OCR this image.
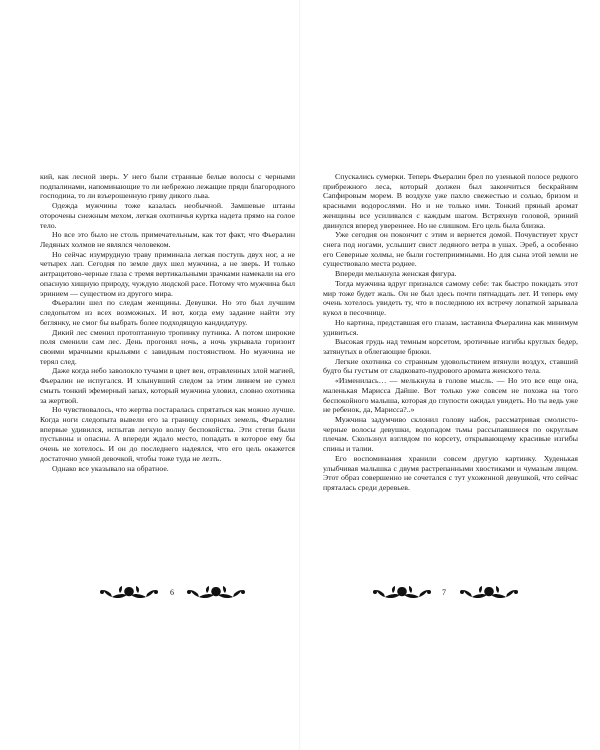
кий, как лесной зверь. У него были странные белые волосы с черными подпалинами, напоминающие то ли небрежно лежащие пряди благородного господина, то ли взъерошенную гриву дикого льва.

Одежда мужчины тоже казалась необычной. Замшевые штаны оторочены снежным мехом, легкая охотничья куртка надета прямо на голое тело.

Но все это было не столь примечательным, как тот факт, что Фьералин Ледяных холмов не являлся человеком.

Но сейчас изумрудную траву приминала легкая поступь двух ног, а не четырех лап. Сегодня по земле двух шел мужчина, а не зверь. И только антрацитово-черные глаза с тремя вертикальными зрачками намекали на его опасную хищную природу, чуждую людской расе. Потому что мужчина был эринием — существом из другого мира.

Фьералин шел по следам женщины. Девушки. Но это был лучшим следопытом из всех возможных. И вот, когда ему задание найти эту беглянку, не смог бы выбрать более подходящую кандидатуру.

Дикий лес сменил протоптанную тропинку путника. А потом широкие поля сменили сам лес. День прогонял ночь, а ночь укрывала горизонт своими мрачными крыльями с завидным постоянством. Но мужчина не терял след.

Даже когда небо заволокло тучами в цвет вен, отравленных злой магией, Фьералин не испугался. И хлынувший следом за этим ливнем не сумел смыть тонкий эфемерный запах, который мужчина уловил, словно охотника за жертвой.

Но чувствовалось, что жертва постаралась спрятаться как можно лучше. Когда ноги следопыта вывели его за границу спорных земель, Фьералин впервые удивился, испытав легкую волну беспокойства. Эти степи были пустынны и опасны. А впереди ждало место, попадать в которое ему бы очень не хотелось. И он до последнего надеялся, что его цель окажется достаточно умной девочкой, чтобы тоже туда не лезть.

Однако все указывало на обратное.

Спускались сумерки. Теперь Фьералин брел по узенькой полосе редкого прибрежного леса, который должен был закончиться бескрайним Сапфировым морем. В воздухе уже пахло свежестью и солью, бризом и красными водорослями. Но и не только ими. Тонкий пряный аромат женщины все усиливался с каждым шагом. Встряхнув головой, эриний двинулся вперед увереннее. Но не слишком. Его цель была близка.

Уже сегодня он покончит с этим и вернется домой. Почувствует хруст снега под ногами, услышит свист ледяного ветра в ушах. Эреб, а особенно его Северные холмы, не были гостеприимными. Но для сына этой земли не существовало места роднее.

Впереди мелькнула женская фигура.

Тогда мужчина вдруг признался самому себе: так быстро покидать этот мир тоже будет жаль. Он не был здесь почти пятнадцать лет. И теперь ему очень хотелось увидеть ту, что в последнюю их встречу лопаткой зарывала кукол в песочнице.

Но картина, представшая его глазам, заставила Фьералина как минимум удивиться.

Высокая грудь над темным корсетом, эротичные изгибы круглых бедер, затянутых в облегающие брюки.

Легкие охотника со странным удовольствием втянули воздух, ставший будто бы густым от сладковато-пудрового аромата женского тела.

«Изменилась… — мелькнула в голове мысль. — Но это все еще она, маленькая Марисса Дайше. Вот только уже совсем не похожа на того беспокойного малыша, которая до глупости ожидал увидеть. Но ты ведь уже не ребенок, да, Марисса?..»

Мужчина задумчиво склонил голову набок, рассматривая смолисто-черные волосы девушки, водопадом тьмы рассыпавшиеся по округлым плечам. Скользнул взглядом по корсету, открывающему красивые изгибы спины и талии.

Его воспоминания хранили совсем другую картинку. Худенькая улыбчивая малышка с двумя растрепанными хвостиками и чумазым лицом. Этот образ совершенно не сочетался с тут ухоженной девушкой, что сейчас пряталась среди деревьев.

6	7
